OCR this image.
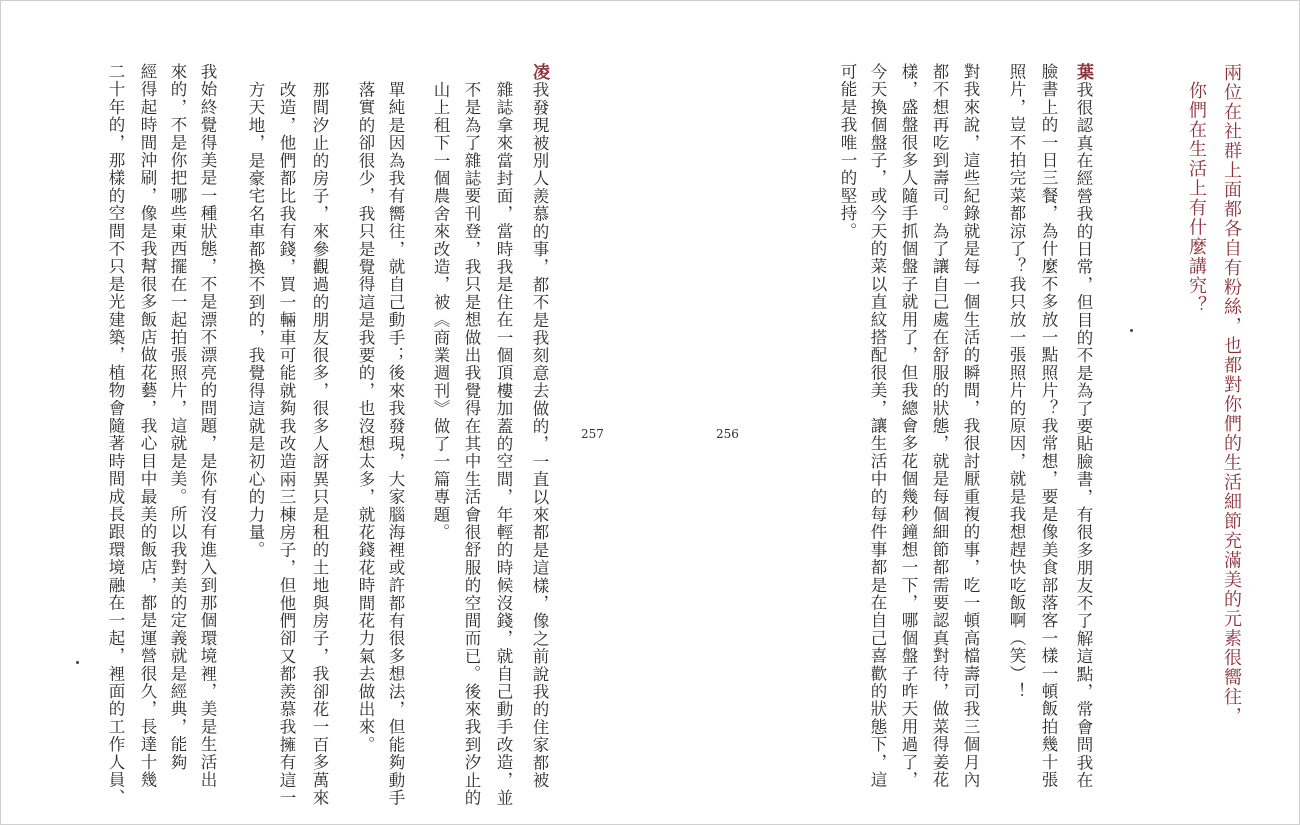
凌我發現被別人羨慕的事，都不是我刻意去做的，一直以來都是這樣，像之前說我的住家都被
雜誌拿來當封面，當時我是住在一個頂樓加蓋的空間，年輕的時候沒錢，就自己動手改造，並
不是為了雜誌要刊登，我只是想做出我覺得在其中生活會很舒服的空間而已。後來我到汐止的
山上租下一個農舍來改造，被《商業週刊》做了一篇專題。
單純是因為我有嚮往，就自己動手；後來我發現，大家腦海裡或許都有很多想法，但能夠動手
落實的卻很少，我只是覺得這是我要的，也沒想太多，就花錢花時間花力氣去做出來。
那間汐止的房子，來參觀過的朋友很多，很多人訝異只是租的土地與房子，我卻花一百多萬來
改造，他們都比我有錢，買一輛車可能就夠我改造兩三棟房子，但他們卻又都羨慕我擁有這一
方天地，是豪宅名車都換不到的，我覺得這就是初心的力量。
我始終覺得美是一種狀態，不是漂不漂亮的問題，是你有沒有進入到那個環境裡，美是生活出
來的，不是你把哪些東西擺在一起拍張照片，這就是美。所以我對美的定義就是經典，能夠
經得起時間沖刷，像是我幫很多飯店做花藝，我心目中最美的飯店，都是運營很久，長達十幾
二十年的，那樣的空間不只是光建築，植物會隨著時間成長跟環境融在一起，裡面的工作人員、	257	256	兩位在社群上面都各自有粉絲，也都對你們的生活細節充滿美的元素很嚮往，
你們在生活上有什麼講究？
葉我很認真在經營我的日常，但目的不是為了要貼臉書，有很多朋友不了解這點，常會問我在
臉書上的一日三餐，為什麼不多放一點照片？我常想，要是像美食部落客一樣一頓飯拍幾十張
照片，豈不拍完菜都涼了？我只放一張照片的原因，就是我想趕快吃飯啊（笑）！
對我來說，這些紀錄就是每一個生活的瞬間，我很討厭重複的事，吃一頓高檔壽司我三個月內
都不想再吃到壽司。為了讓自己處在舒服的狀態，就是每個細節都需要認真對待，做菜得姜花
樣，盛盤很多人隨手抓個盤子就用了，但我總會多花個幾秒鐘想一下，哪個盤子昨天用過了，
今天換個盤子，或今天的菜以直紋搭配很美，讓生活中的每件事都是在自己喜歡的狀態下，這
可能是我唯一的堅持。
